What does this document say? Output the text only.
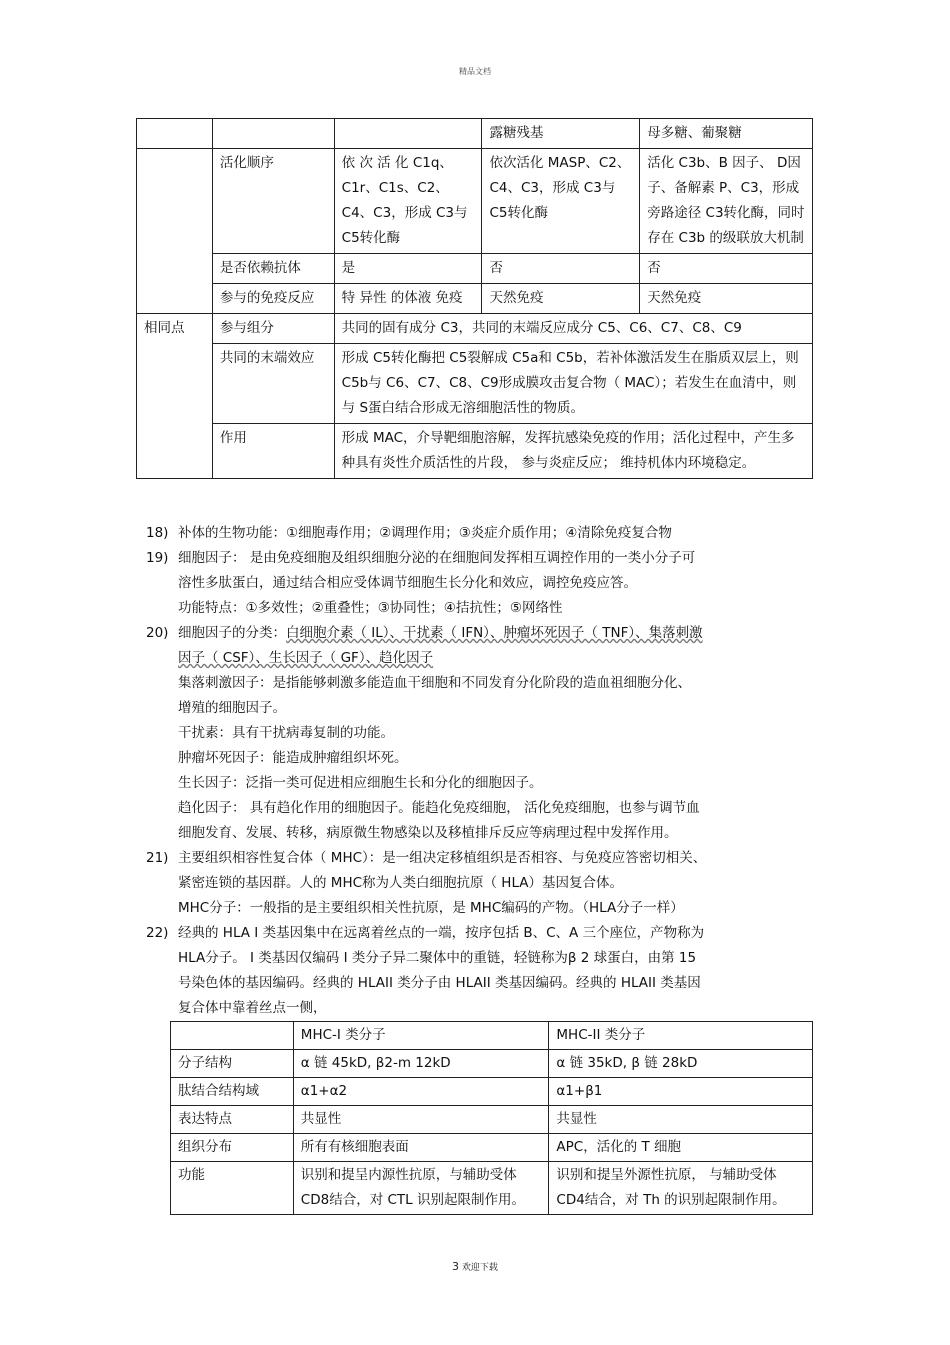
精品文档
			露糖残基	母多糖、葡聚糖
	活化顺序	依 次 活 化 C1q、C1r、C1s、C2、C4、C3，形成 C3与 C5转化酶	依次活化 MASP、C2、C4、C3，形成 C3与C5转化酶	活化 C3b、B 因子、 D因子、备解素 P、C3，形成旁路途径 C3转化酶，同时存在 C3b 的级联放大机制
	是否依赖抗体	是	否	否
	参与的免疫反应	特 异性 的体液 免疫	天然免疫	天然免疫
相同点	参与组分	共同的固有成分 C3，共同的末端反应成分 C5、C6、C7、C8、C9		
	共同的末端效应	形成 C5转化酶把 C5裂解成 C5a和 C5b，若补体激活发生在脂质双层上，则 C5b与 C6、C7、C8、C9形成膜攻击复合物（ MAC）；若发生在血清中，则与 S蛋白结合形成无溶细胞活性的物质。		
	作用	形成 MAC，介导靶细胞溶解，发挥抗感染免疫的作用；活化过程中，产生多种具有炎性介质活性的片段， 参与炎症反应； 维持机体内环境稳定。		
18) 补体的生物功能：①细胞毒作用；②调理作用；③炎症介质作用；④清除免疫复合物
19) 细胞因子： 是由免疫细胞及组织细胞分泌的在细胞间发挥相互调控作用的一类小分子可
溶性多肽蛋白，通过结合相应受体调节细胞生长分化和效应，调控免疫应答。
功能特点：①多效性；②重叠性；③协同性；④拮抗性；⑤网络性
20) 细胞因子的分类：白细胞介素（ IL）、干扰素（ IFN）、肿瘤坏死因子（ TNF）、集落刺激
因子（ CSF）、生长因子（ GF）、趋化因子
集落刺激因子：是指能够刺激多能造血干细胞和不同发育分化阶段的造血祖细胞分化、
增殖的细胞因子。
干扰素：具有干扰病毒复制的功能。
肿瘤坏死因子：能造成肿瘤组织坏死。
生长因子：泛指一类可促进相应细胞生长和分化的细胞因子。
趋化因子： 具有趋化作用的细胞因子。能趋化免疫细胞， 活化免疫细胞，也参与调节血
细胞发育、发展、转移，病原微生物感染以及移植排斥反应等病理过程中发挥作用。
21) 主要组织相容性复合体（ MHC）：是一组决定移植组织是否相容、与免疫应答密切相关、
紧密连锁的基因群。人的 MHC称为人类白细胞抗原（ HLA）基因复合体。
MHC分子：一般指的是主要组织相关性抗原，是 MHC编码的产物。（HLA分子一样）
22) 经典的 HLA I 类基因集中在远离着丝点的一端，按序包括 B、C、A 三个座位，产物称为
HLA分子。 I 类基因仅编码 I 类分子异二聚体中的重链，轻链称为β 2 球蛋白，由第 15
号染色体的基因编码。经典的 HLAII 类分子由 HLAII 类基因编码。经典的 HLAII 类基因
复合体中靠着丝点一侧，
	MHC-I 类分子	MHC-II 类分子
分子结构	α 链 45kD, β2-m 12kD	α 链 35kD, β 链 28kD
肽结合结构域	α1+α2	α1+β1
表达特点	共显性	共显性
组织分布	所有有核细胞表面	APC，活化的 T 细胞
功能	识别和提呈内源性抗原，与辅助受体 CD8结合，对 CTL 识别起限制作用。	识别和提呈外源性抗原， 与辅助受体 CD4结合，对 Th 的识别起限制作用。
3 欢迎下载
